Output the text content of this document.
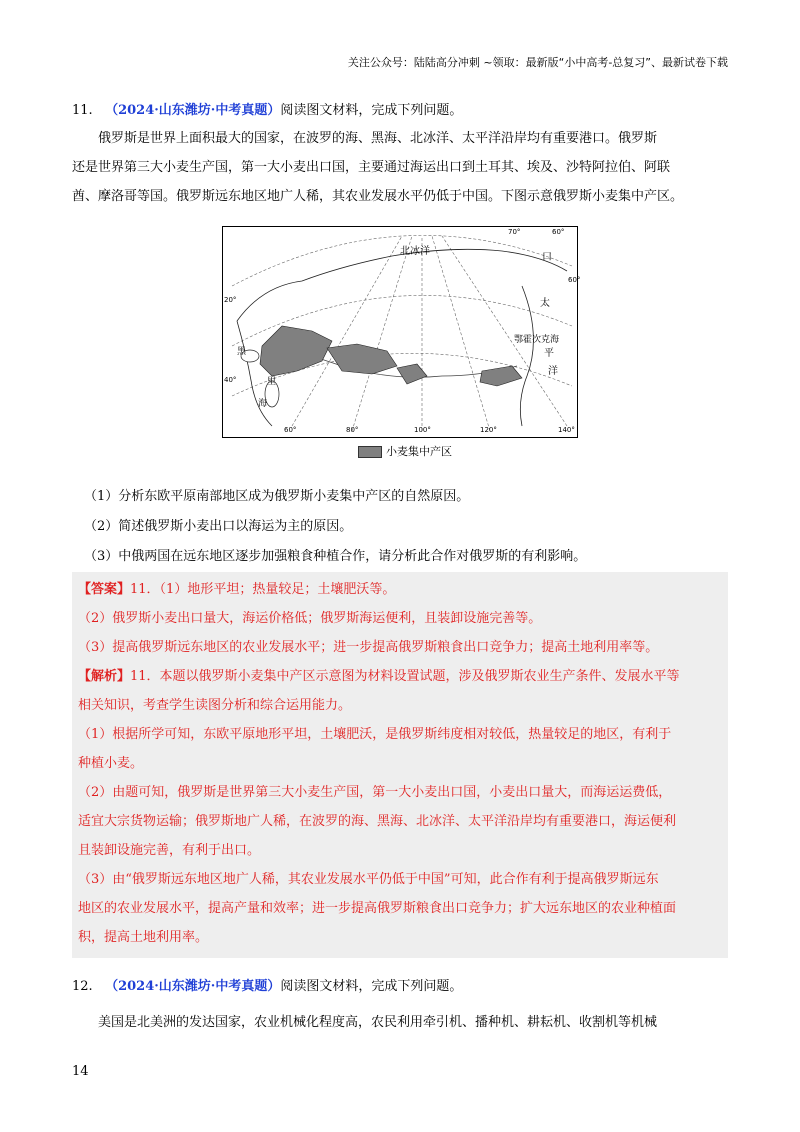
关注公众号：陆陆高分冲刺 ~领取：最新版“小中高考-总复习”、最新试卷下载
11. （2024·山东潍坊·中考真题）阅读图文材料，完成下列问题。

俄罗斯是世界上面积最大的国家，在波罗的海、黑海、北冰洋、太平洋沿岸均有重要港口。俄罗斯

还是世界第三大小麦生产国，第一大小麦出口国，主要通过海运出口到土耳其、埃及、沙特阿拉伯、阿联

酋、摩洛哥等国。俄罗斯远东地区地广人稀，其农业发展水平仍低于中国。下图示意俄罗斯小麦集中产区。

北冰洋
鄂霍次克海
太
平
洋
口
黑
里
海
20°
40°
60°
60°	80°	100°	120°	140°
70°
60°
小麦集中产区
（1）分析东欧平原南部地区成为俄罗斯小麦集中产区的自然原因。
（2）简述俄罗斯小麦出口以海运为主的原因。
（3）中俄两国在远东地区逐步加强粮食种植合作，请分析此合作对俄罗斯的有利影响。
【答案】11．（1）地形平坦；热量较足；土壤肥沃等。
（2）俄罗斯小麦出口量大，海运价格低；俄罗斯海运便利，且装卸设施完善等。
（3）提高俄罗斯远东地区的农业发展水平；进一步提高俄罗斯粮食出口竞争力；提高土地利用率等。
【解析】11．本题以俄罗斯小麦集中产区示意图为材料设置试题，涉及俄罗斯农业生产条件、发展水平等
相关知识，考查学生读图分析和综合运用能力。
（1）根据所学可知，东欧平原地形平坦，土壤肥沃，是俄罗斯纬度相对较低，热量较足的地区，有利于
种植小麦。
（2）由题可知，俄罗斯是世界第三大小麦生产国，第一大小麦出口国，小麦出口量大，而海运运费低，
适宜大宗货物运输；俄罗斯地广人稀，在波罗的海、黑海、北冰洋、太平洋沿岸均有重要港口，海运便利
且装卸设施完善，有利于出口。
（3）由“俄罗斯远东地区地广人稀，其农业发展水平仍低于中国”可知，此合作有利于提高俄罗斯远东
地区的农业发展水平，提高产量和效率；进一步提高俄罗斯粮食出口竞争力；扩大远东地区的农业种植面
积，提高土地利用率。
12. （2024·山东潍坊·中考真题）阅读图文材料，完成下列问题。

美国是北美洲的发达国家，农业机械化程度高，农民利用牵引机、播种机、耕耘机、收割机等机械

14
